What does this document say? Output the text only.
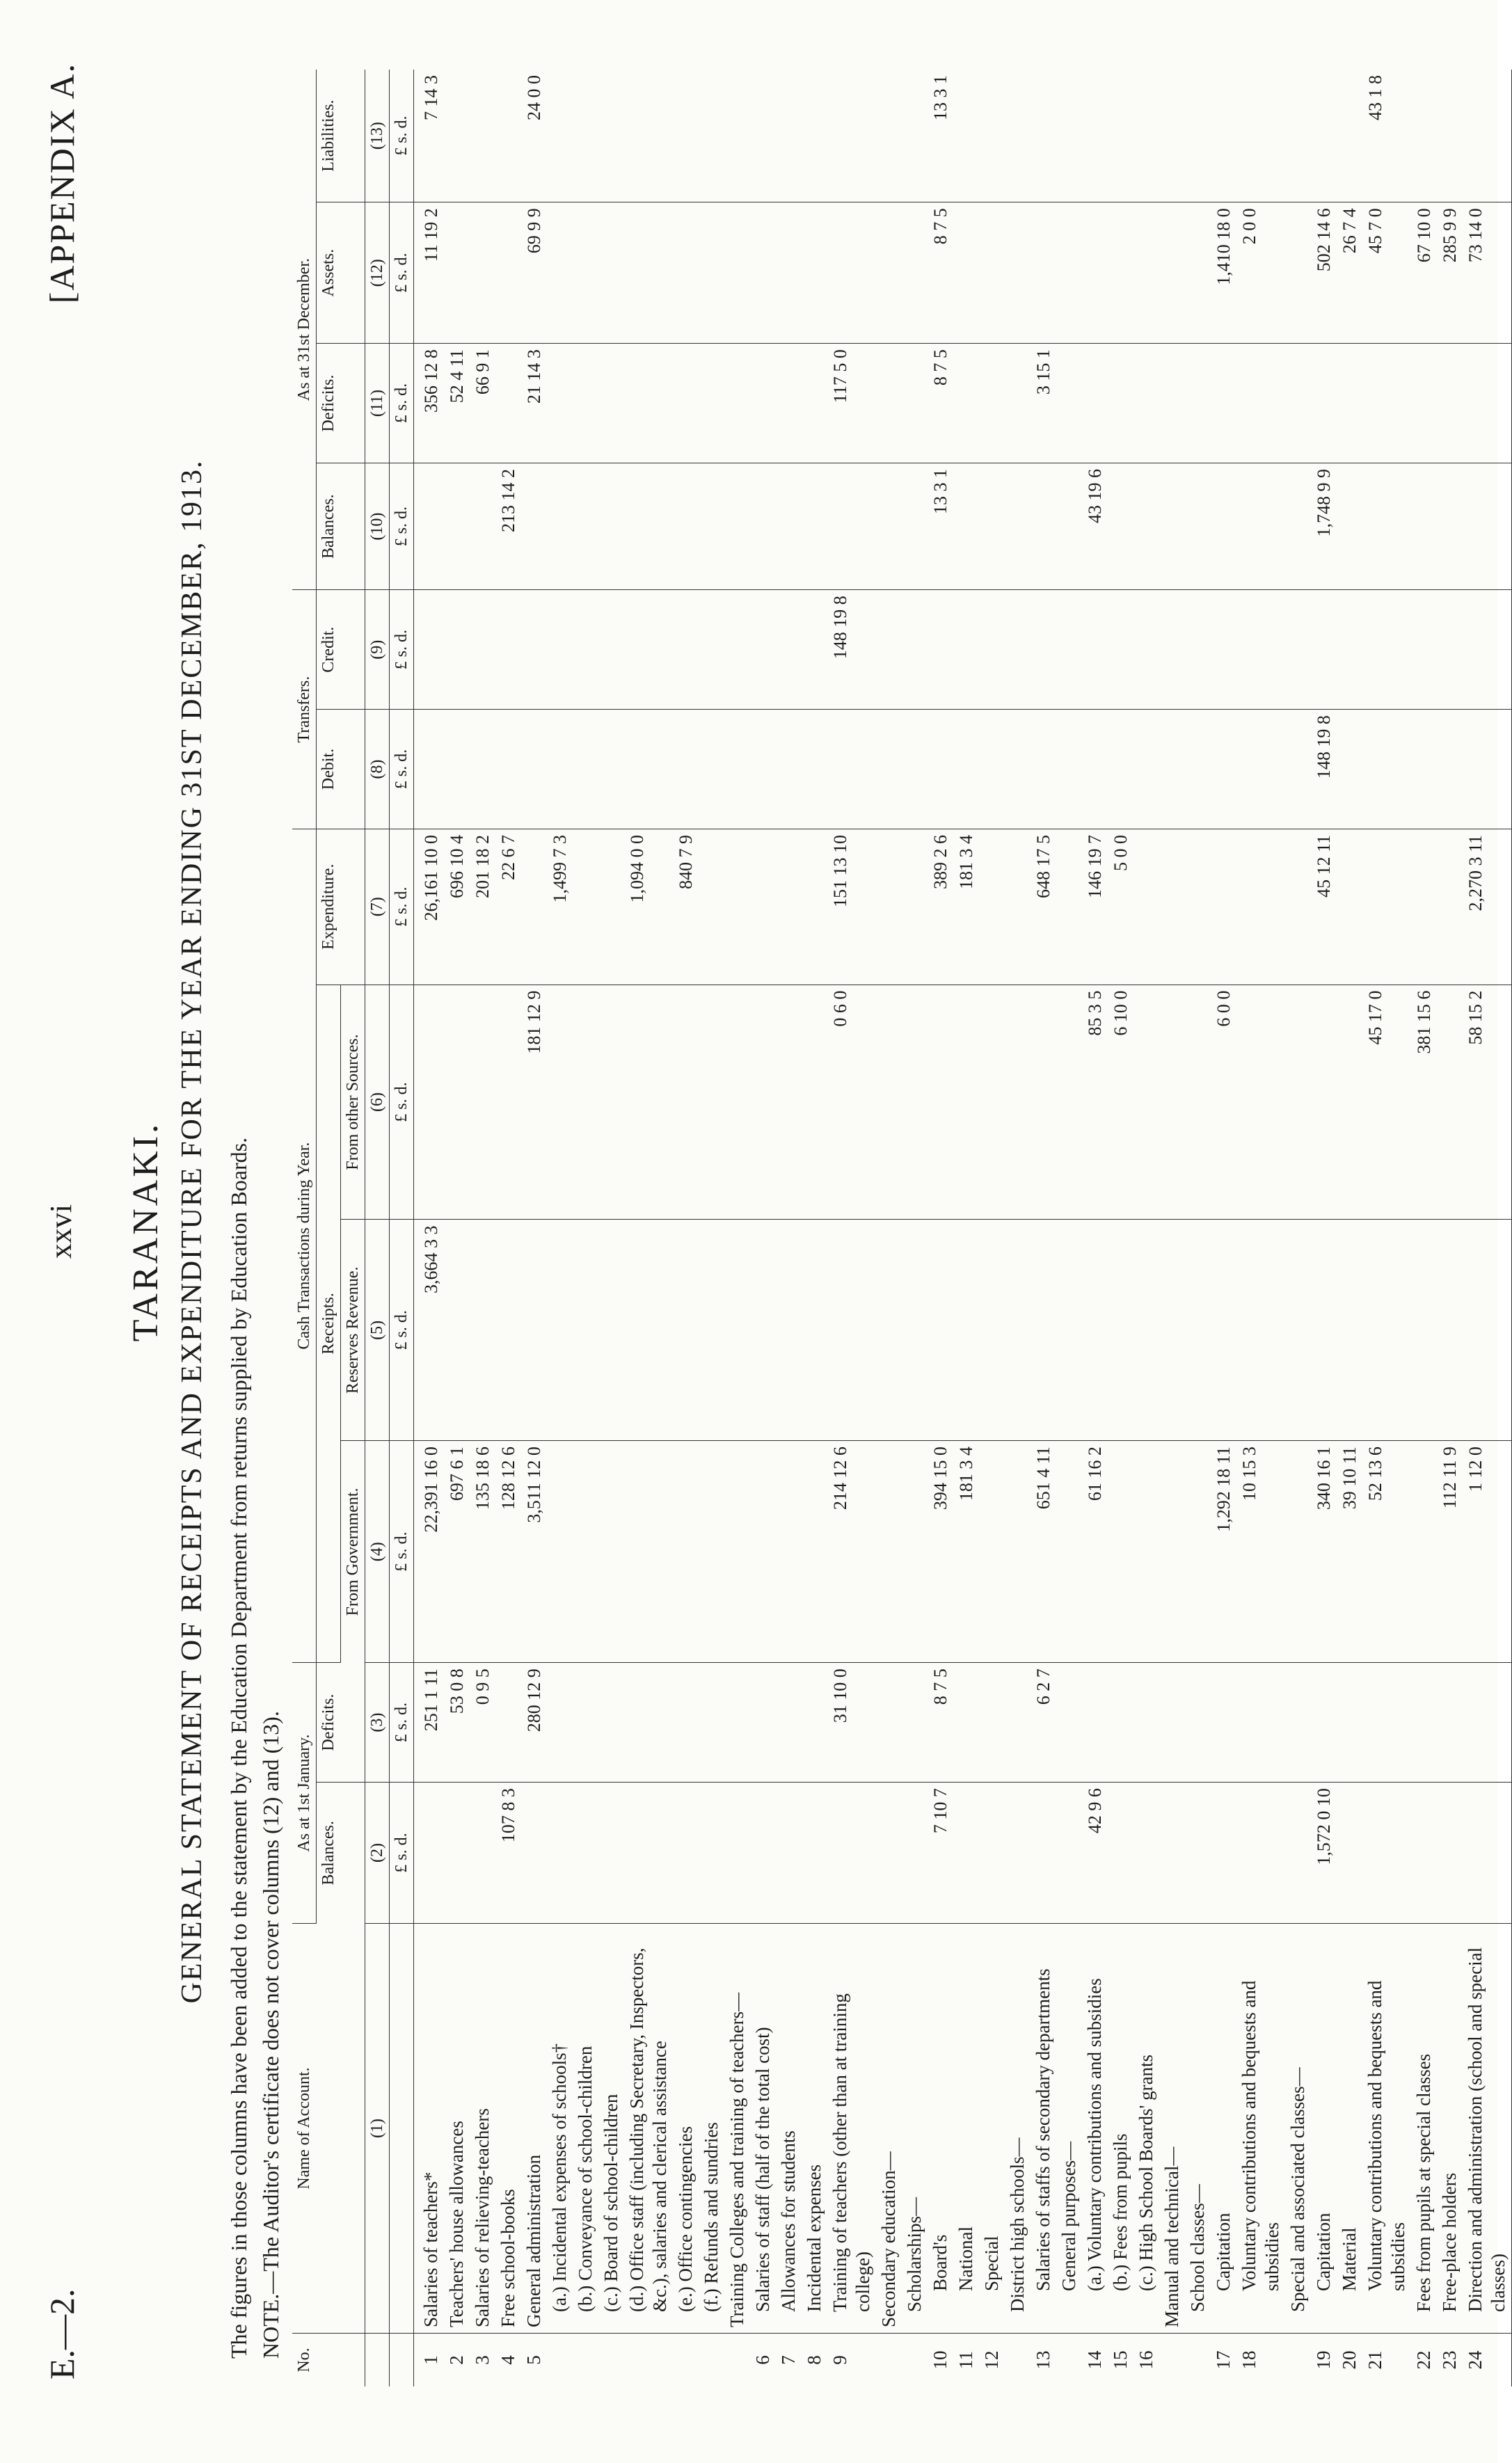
E.—2.
xxvi
[APPENDIX A.
TARANAKI. GENERAL STATEMENT OF RECEIPTS AND EXPENDITURE FOR THE YEAR ENDING 31ST DECEMBER, 1913. The figures in those columns have been added to the statement by the Education Department from returns supplied by Education Boards. NOTE.—The Auditor's certificate does not cover columns (12) and (13).
No.	Name of Account.	As at 1st January.		Cash Transactions during Year.				Transfers.		As at 31st December.			
		Balances.	Deficits.	Receipts.			Expenditure.	Debit.	Credit.	Balances.	Deficits.	Assets.	Liabilities.
				From Government.	Reserves Revenue.	From other Sources.							
	(1)	(2)	(3)	(4)	(5)	(6)	(7)	(8)	(9)	(10)	(11)	(12)	(13)
		£ s. d.	£ s. d.	£ s. d.	£ s. d.	£ s. d.	£ s. d.	£ s. d.	£ s. d.	£ s. d.	£ s. d.	£ s. d.	£ s. d.
1	Salaries of teachers*		251 1 11	22,391 16 0	3,664 3 3		26,161 10 0				356 12 8	11 19 2	7 14 3
2	Teachers' house allowances		53 0 8	697 6 1			696 10 4				52 4 11		
3	Salaries of relieving-teachers		0 9 5	135 18 6			201 18 2				66 9 1		
4	Free school-books	107 8 3		128 12 6			22 6 7			213 14 2			
5	General administration		280 12 9	3,511 12 0		181 12 9					21 14 3	69 9 9	24 0 0
	(a.) Incidental expenses of schools†						1,499 7 3						
	(b.) Conveyance of school-children												
	(c.) Board of school-children												
	(d.) Office staff (including Secretary, Inspectors, &c.), salaries and clerical assistance						1,094 0 0						
	(e.) Office contingencies						840 7 9						
	(f.) Refunds and sundries												
	Training Colleges and training of teachers—												
6	Salaries of staff (half of the total cost)												
7	Allowances for students												
8	Incidental expenses												
9	Training of teachers (other than at training college)		31 10 0	214 12 6		0 6 0	151 13 10		148 19 8		117 5 0		
	Secondary education—												
	Scholarships—												
10	Board's	7 10 7	8 7 5	394 15 0			389 2 6			13 3 1	8 7 5	8 7 5	13 3 1
11	National			181 3 4			181 3 4						
12	Special												
	District high schools—												
13	Salaries of staffs of secondary departments		6 2 7	651 4 11			648 17 5				3 15 1		
	General purposes—												
14	(a.) Voluntary contributions and subsidies	42 9 6		61 16 2		85 3 5	146 19 7			43 19 6			
15	(b.) Fees from pupils					6 10 0	5 0 0						
16	(c.) High School Boards' grants												
	Manual and technical—												
	School classes—												
17	Capitation			1,292 18 11		6 0 0						1,410 18 0	
18	Voluntary contributions and bequests and subsidies			10 15 3								2 0 0	
	Special and associated classes—												
19	Capitation	1,572 0 10		340 16 1			45 12 11	148 19 8		1,748 9 9		502 14 6	
20	Material			39 10 11								26 7 4	
21	Voluntary contributions and bequests and subsidies			52 13 6		45 17 0						45 7 0	43 1 8
22	Fees from pupils at special classes					381 15 6						67 10 0	
23	Free-place holders			112 11 9								285 9 9	
24	Direction and administration (school and special classes)			1 12 0		58 15 2	2,270 3 11					73 14 0	
